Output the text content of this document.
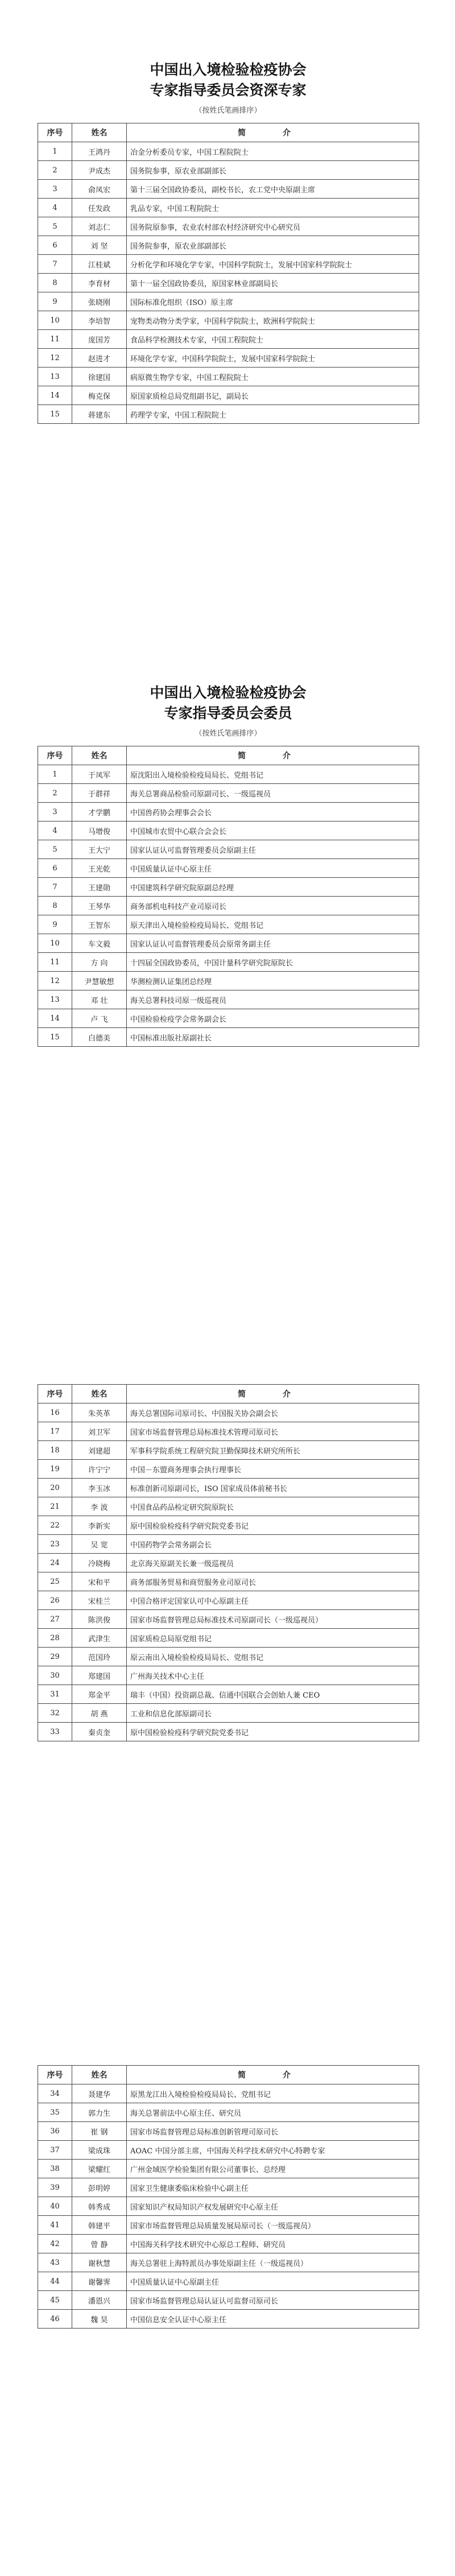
中国出入境检验检疫协会
专家指导委员会资深专家
（按姓氏笔画排序）
序号	姓名	简 介
1	王鸿丹	冶金分析委员专家，中国工程院院士
2	尹成杰	国务院参事，原农业部副部长
3	俞凤宏	第十三届全国政协委员，副校书长，农工党中央原副主席
4	任发政	乳品专家，中国工程院院士
5	刘志仁	国务院原参事，农业农村部农村经济研究中心研究员
6	刘 坚	国务院参事，原农业部副部长
7	江桂斌	分析化学和环境化学专家，中国科学院院士，发展中国家科学院院士
8	李育材	第十一届全国政协委员，原国家林业部副局长
9	张晓刚	国际标准化组织（ISO）原主席
10	李培智	宠物类动物分类学家，中国科学院院士，欧洲科学院院士
11	庞国芳	食品科学检测技术专家，中国工程院院士
12	赵进才	环境化学专家，中国科学院院士，发展中国家科学院院士
13	徐建国	病原微生物学专家，中国工程院院士
14	梅克保	原国家质检总局党组副书记，副局长
15	蒋建东	药理学专家，中国工程院院士
中国出入境检验检疫协会
专家指导委员会委员
（按姓氏笔画排序）
序号	姓名	简 介
1	于凤军	原沈阳出入境检验检疫局局长、党组书记
2	于群祥	海关总署商品检验司原副司长、一级巡视员
3	才学鹏	中国兽药协会理事会会长
4	马增俊	中国城市农贸中心联合会会长
5	王大宁	国家认证认可监督管理委员会原副主任
6	王光乾	中国质量认证中心原主任
7	王建勋	中国建筑科学研究院原副总经理
8	王琴华	商务部机电科技产业司原司长
9	王智东	原天津出入境检验检疫局局长、党组书记
10	车文毅	国家认证认可监督管理委员会原常务副主任
11	方 向	十四届全国政协委员，中国计量科学研究院原院长
12	尹慧敏想	华测检测认证集团总经理
13	邓 壮	海关总署科技司原一级巡视员
14	卢 飞	中国检验检疫学会常务副会长
15	白德美	中国标准出版社原副社长
序号	姓名	简 介
16	朱英革	海关总署国际司原司长、中国报关协会副会长
17	刘卫军	国家市场监督管理总局标准技术管理司原司长
18	刘建超	军事科学院系统工程研究院卫勤保障技术研究所所长
19	许宁宁	中国－东盟商务理事会执行理事长
20	李玉冰	标准创新司原副司长，ISO 国家成员体前秘书长
21	李 波	中国食品药品检定研究院原院长
22	李新实	原中国检验检疫科学研究院党委书记
23	吴 宽	中国药物学会常务副会长
24	冷晓梅	北京海关原副关长兼一级巡视员
25	宋和平	商务部服务贸易和商贸服务业司原司长
26	宋桂兰	中国合格评定国家认可中心原副主任
27	陈洪俊	国家市场监督管理总局标准技术司原副司长（一级巡视员）
28	武津生	国家质检总局原党组书记
29	范国玲	原云南出入境检验检疫局局长、党组书记
30	郑建国	广州海关技术中心主任
31	郑金平	瑞丰（中国）投资副总裁、信通中国联合会创始人兼 CEO
32	胡 燕	工业和信息化部原副司长
33	秦贞奎	原中国检验检疫科学研究院党委书记
序号	姓名	简 介
34	聂建华	原黑龙江出入境检验检疫局局长、党组书记
35	郭力生	海关总署前法中心原主任、研究员
36	崔 钢	国家市场监督管理总局标准创新管理司原司长
37	梁成珠	AOAC 中国分部主席，中国海关科学技术研究中心特聘专家
38	梁耀红	广州金域医学检验集团有限公司董事长、总经理
39	彭明婷	国家卫生健康委临床检验中心副主任
40	韩秀成	国家知识产权局知识产权发展研究中心原主任
41	韩建平	国家市场监督管理总局质量发展局原司长（一级巡视员）
42	曾 静	中国海关科学技术研究中心原总工程师、研究员
43	谢秋慧	海关总署驻上海特派员办事处原副主任（一级巡视员）
44	谢馨霁	中国质量认证中心原副主任
45	潘恩兴	国家市场监督管理总局认证认可监督司原司长
46	魏 昊	中国信息安全认证中心原主任
